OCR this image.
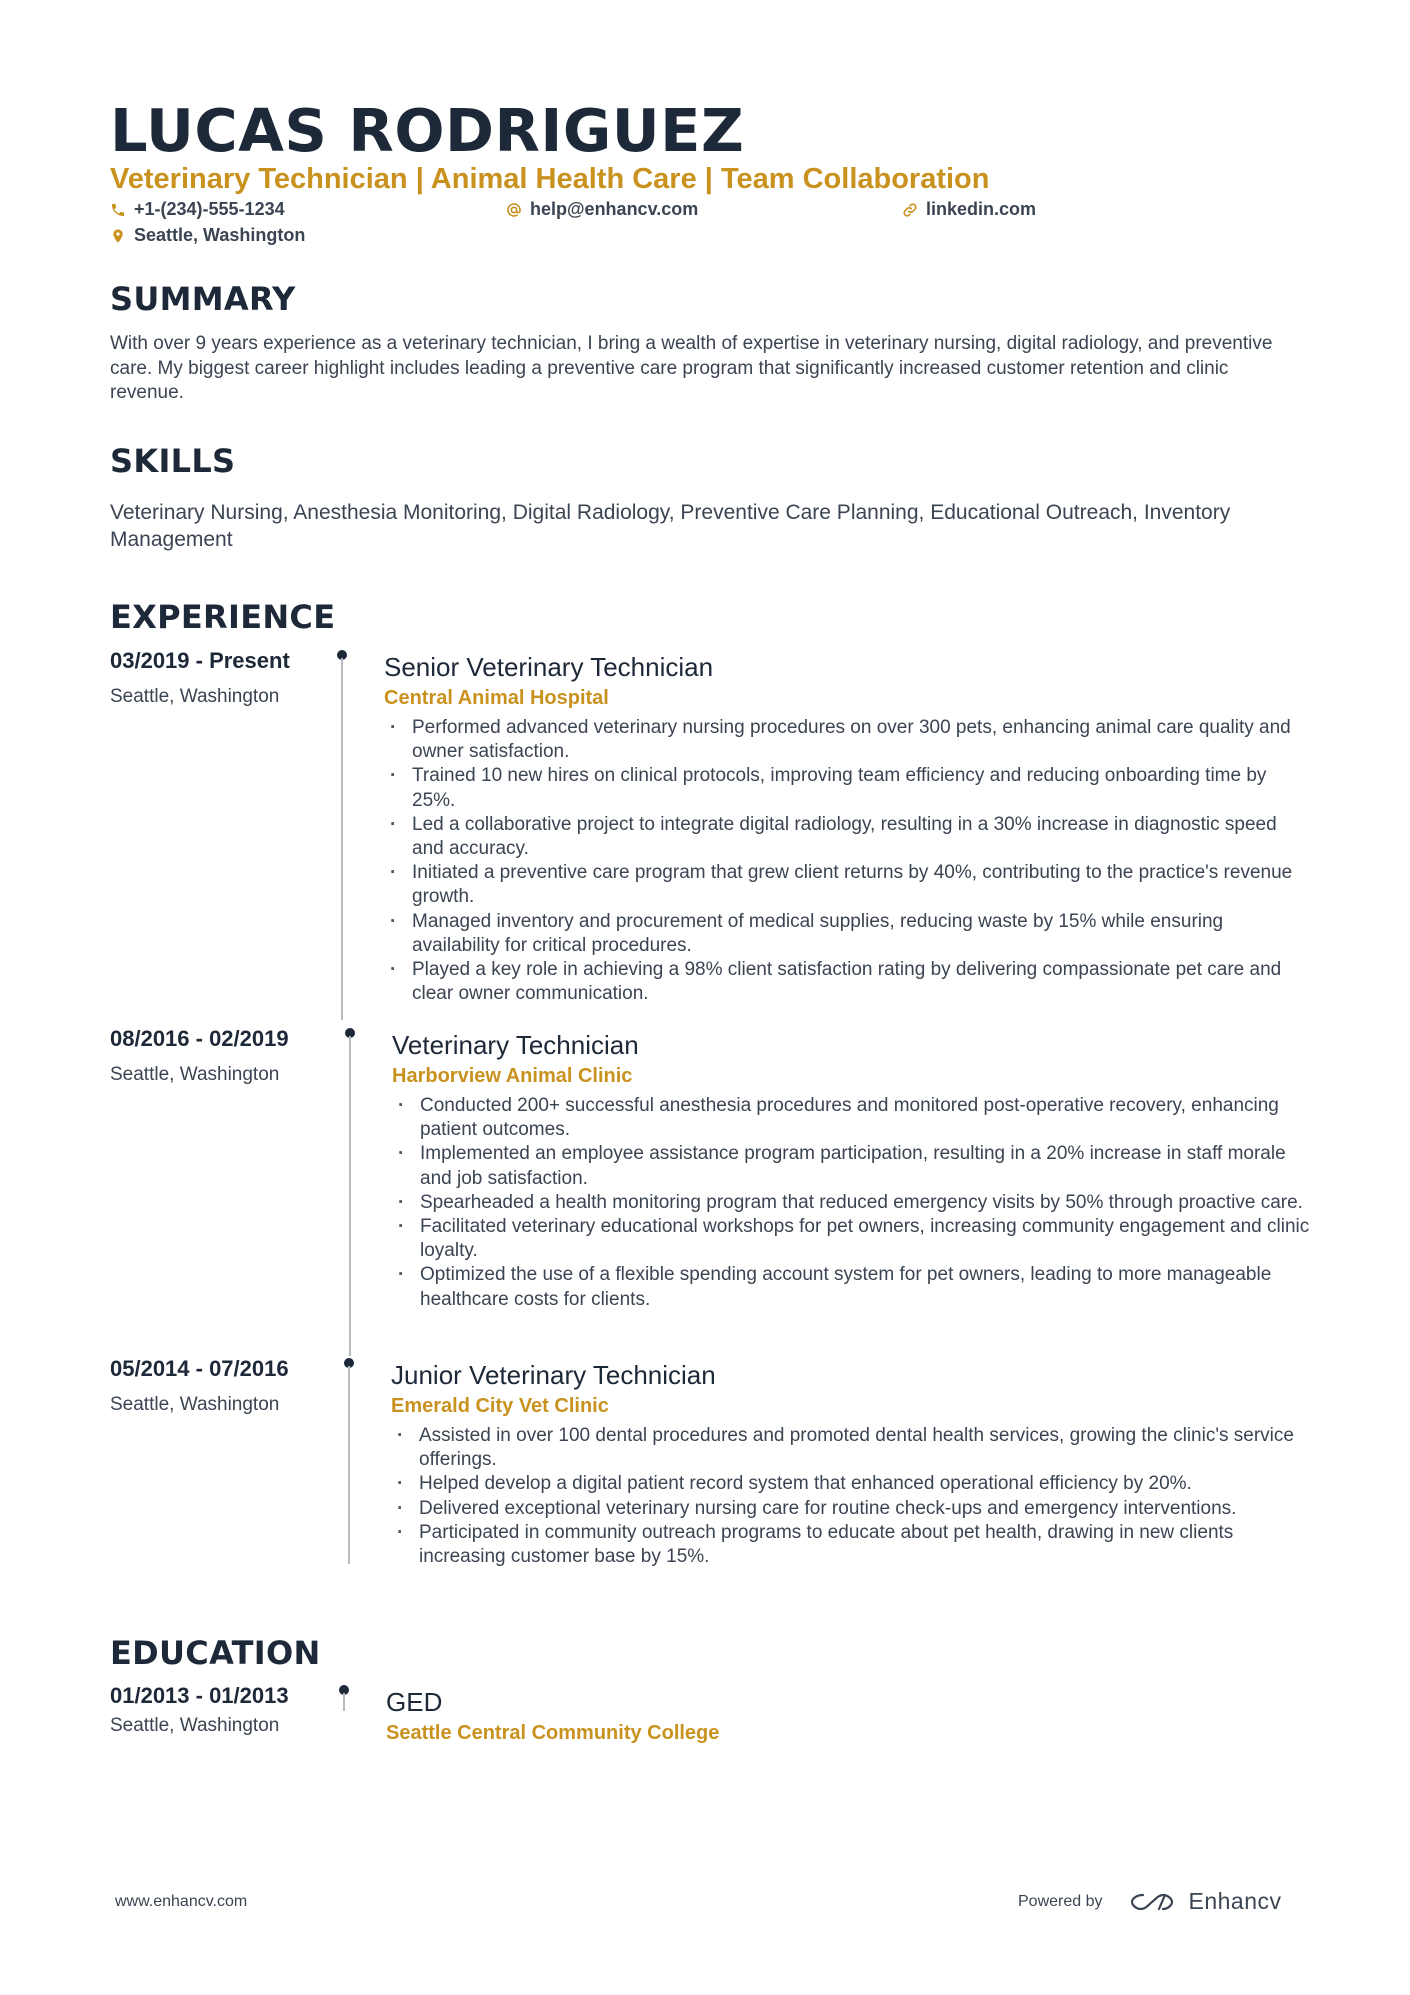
LUCAS RODRIGUEZ
Veterinary Technician | Animal Health Care | Team Collaboration
+1-(234)-555-1234	help@enhancv.com	linkedin.com
Seattle, Washington
SUMMARY
With over 9 years experience as a veterinary technician, I bring a wealth of expertise in veterinary nursing, digital radiology, and preventive care. My biggest career highlight includes leading a preventive care program that significantly increased customer retention and clinic revenue.
SKILLS
Veterinary Nursing, Anesthesia Monitoring, Digital Radiology, Preventive Care Planning, Educational Outreach, Inventory Management
EXPERIENCE
03/2019 - Present
Seattle, Washington
Senior Veterinary Technician
Central Animal Hospital
· Performed advanced veterinary nursing procedures on over 300 pets, enhancing animal care quality and owner satisfaction.
· Trained 10 new hires on clinical protocols, improving team efficiency and reducing onboarding time by 25%.
· Led a collaborative project to integrate digital radiology, resulting in a 30% increase in diagnostic speed and accuracy.
· Initiated a preventive care program that grew client returns by 40%, contributing to the practice's revenue growth.
· Managed inventory and procurement of medical supplies, reducing waste by 15% while ensuring availability for critical procedures.
· Played a key role in achieving a 98% client satisfaction rating by delivering compassionate pet care and clear owner communication.
08/2016 - 02/2019
Seattle, Washington
Veterinary Technician
Harborview Animal Clinic
· Conducted 200+ successful anesthesia procedures and monitored post-operative recovery, enhancing patient outcomes.
· Implemented an employee assistance program participation, resulting in a 20% increase in staff morale and job satisfaction.
· Spearheaded a health monitoring program that reduced emergency visits by 50% through proactive care.
· Facilitated veterinary educational workshops for pet owners, increasing community engagement and clinic loyalty.
· Optimized the use of a flexible spending account system for pet owners, leading to more manageable healthcare costs for clients.
05/2014 - 07/2016
Seattle, Washington
Junior Veterinary Technician
Emerald City Vet Clinic
· Assisted in over 100 dental procedures and promoted dental health services, growing the clinic's service offerings.
· Helped develop a digital patient record system that enhanced operational efficiency by 20%.
· Delivered exceptional veterinary nursing care for routine check-ups and emergency interventions.
· Participated in community outreach programs to educate about pet health, drawing in new clients increasing customer base by 15%.
EDUCATION
01/2013 - 01/2013
Seattle, Washington
GED
Seattle Central Community College
www.enhancv.com	Powered by	Enhancv
